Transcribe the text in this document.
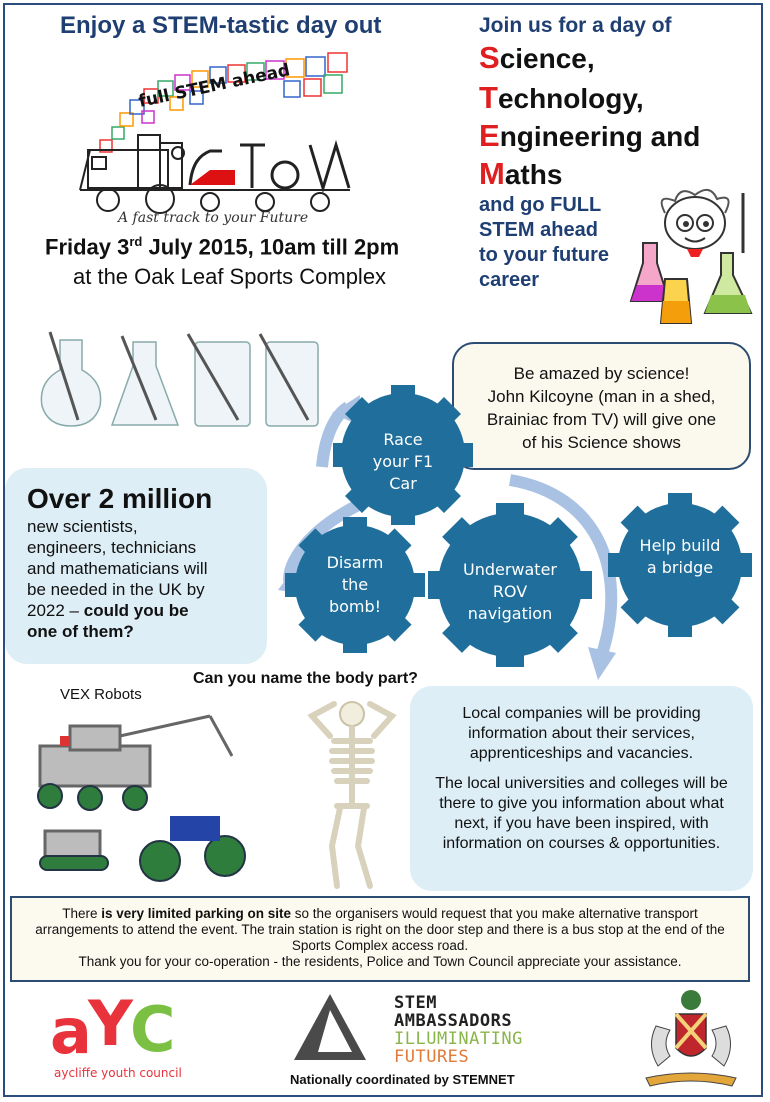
Enjoy a STEM-tastic day out
full STEM ahead
A fast track to your Future
Friday 3rd July 2015, 10am till 2pm
at the Oak Leaf Sports Complex
Join us for a day of
Science,
Technology,
Engineering and
Maths
and go FULL
STEM ahead
to your future
career
Be amazed by science!
John Kilcoyne (man in a shed,
Brainiac from TV) will give one
of his Science shows
Race
your F1
Car
Disarm
the
bomb!
Underwater
ROV
navigation
Help build
a bridge
Over 2 million
new scientists,
engineers, technicians
and mathematicians will
be needed in the UK by
2022 – could you be
one of them?
Can you name the body part?
VEX Robots

Local companies will be providing information about their services, apprenticeships and vacancies.

The local universities and colleges will be there to give you information about what next, if you have been inspired, with information on courses & opportunities.

There is very limited parking on site so the organisers would request that you make alternative transport arrangements to attend the event. The train station is right on the door step and there is a bus stop at the end of the Sports Complex access road.
Thank you for your co-operation - the residents, Police and Town Council appreciate your assistance.
a
Y
C
aycliffe youth council
STEM
AMBASSADORS
ILLUMINATING
FUTURES
Nationally coordinated by STEMNET
